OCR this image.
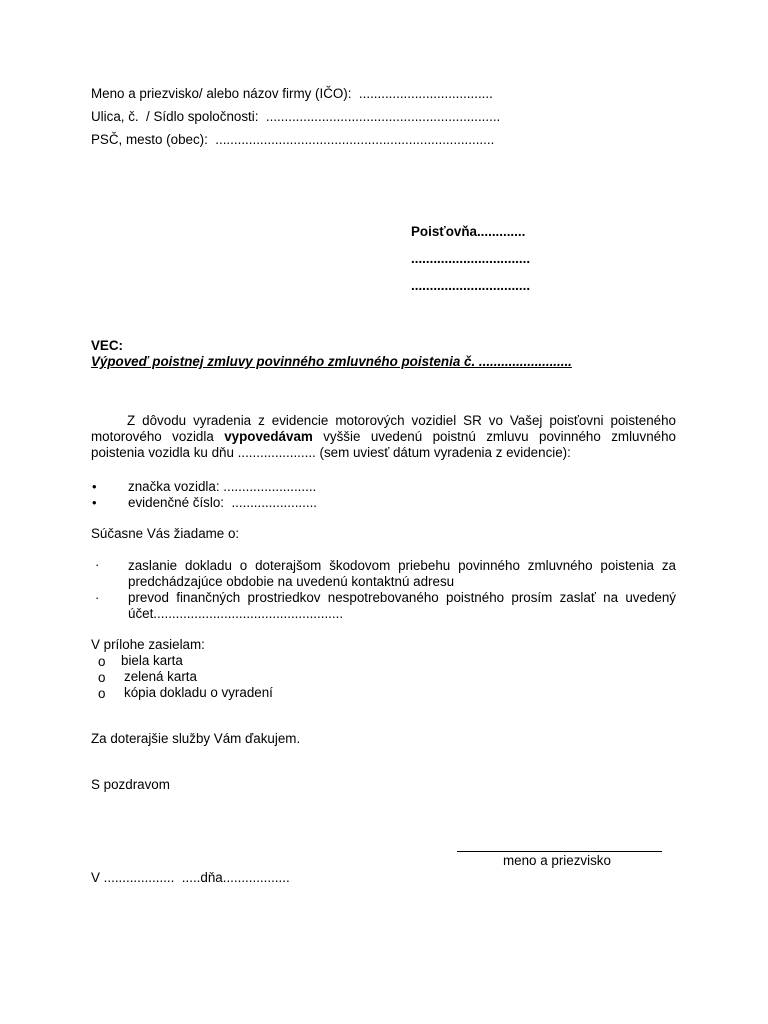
Meno a priezvisko/ alebo názov firmy (IČO):  ....................................
Ulica, č.  / Sídlo spoločnosti:  ...............................................................
PSČ, mesto (obec):  ...........................................................................
Poisťovňa.............
................................
................................
VEC:
Výpoveď poistnej zmluvy povinného zmluvného poistenia č. .........................
Z dôvodu vyradenia z evidencie motorových vozidiel SR vo Vašej poisťovni poisteného motorového vozidla vypovedávam vyššie uvedenú poistnú zmluvu povinného zmluvného poistenia vozidla ku dňu ..................... (sem uviesť dátum vyradenia z evidencie):
• značka vozidla: .........................
• evidenčné číslo:  .......................
Súčasne Vás žiadame o:
· zaslanie dokladu o doterajšom škodovom priebehu povinného zmluvného poistenia za predchádzajúce obdobie na uvedenú kontaktnú adresu
· prevod finančných prostriedkov nespotrebovaného poistného prosím zaslať na uvedený účet...................................................
V prílohe zasielam:
o biela karta
o zelená karta
o kópia dokladu o vyradení
Za doterajšie služby Vám ďakujem.
S pozdravom
meno a priezvisko
V ...................  .....dňa..................
